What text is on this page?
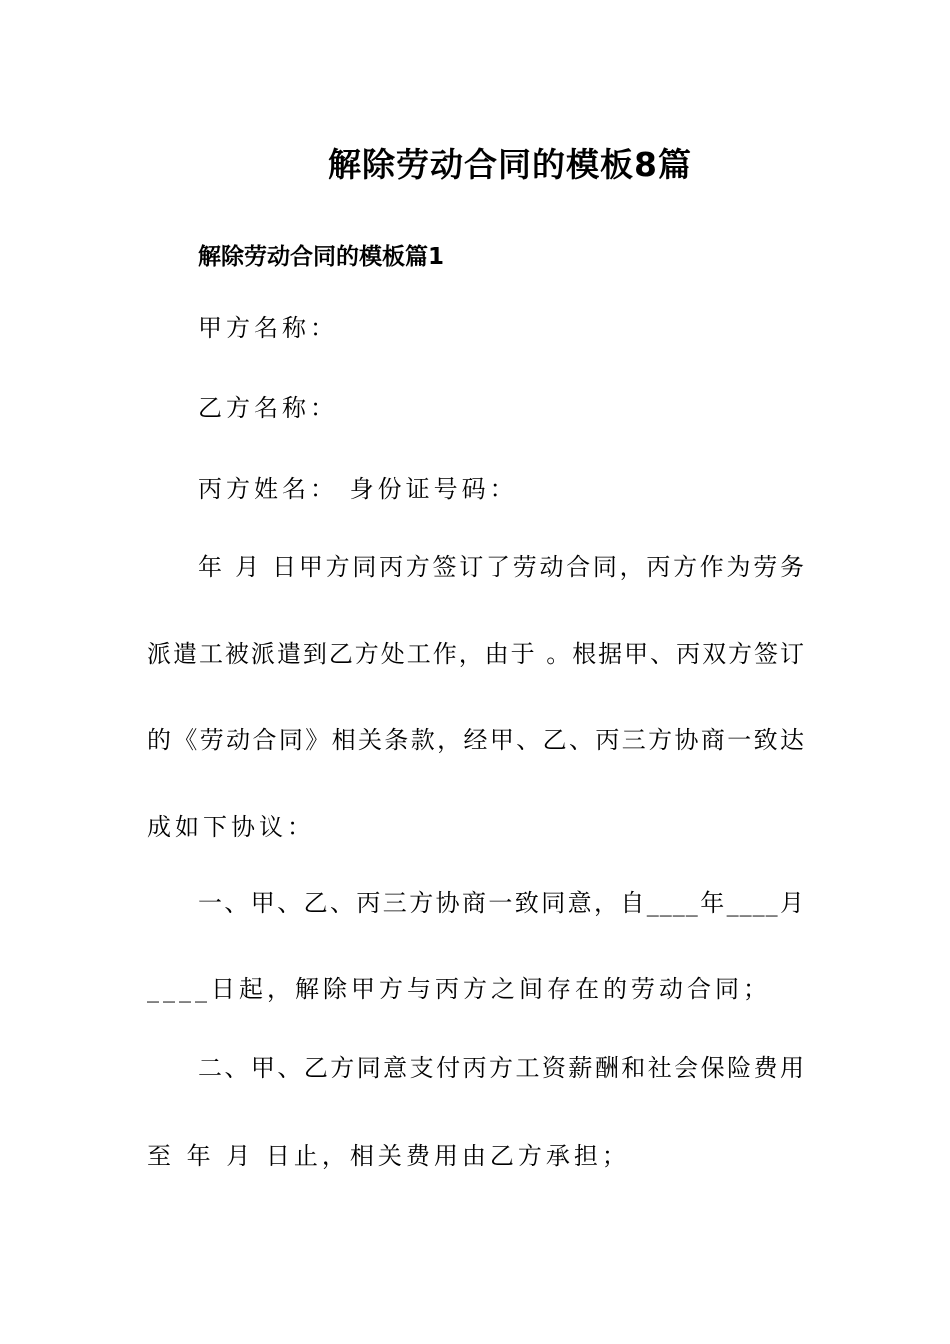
解除劳动合同的模板8篇
解除劳动合同的模板篇1
甲方名称：
乙方名称：
丙方姓名： 身份证号码：
年 月 日甲方同丙方签订了劳动合同，丙方作为劳务
派遣工被派遣到乙方处工作，由于 。根据甲、丙双方签订
的《劳动合同》相关条款，经甲、乙、丙三方协商一致达
成如下协议：
一、甲、乙、丙三方协商一致同意，自____年____月
____日起，解除甲方与丙方之间存在的劳动合同；
二、甲、乙方同意支付丙方工资薪酬和社会保险费用
至 年 月 日止，相关费用由乙方承担；
